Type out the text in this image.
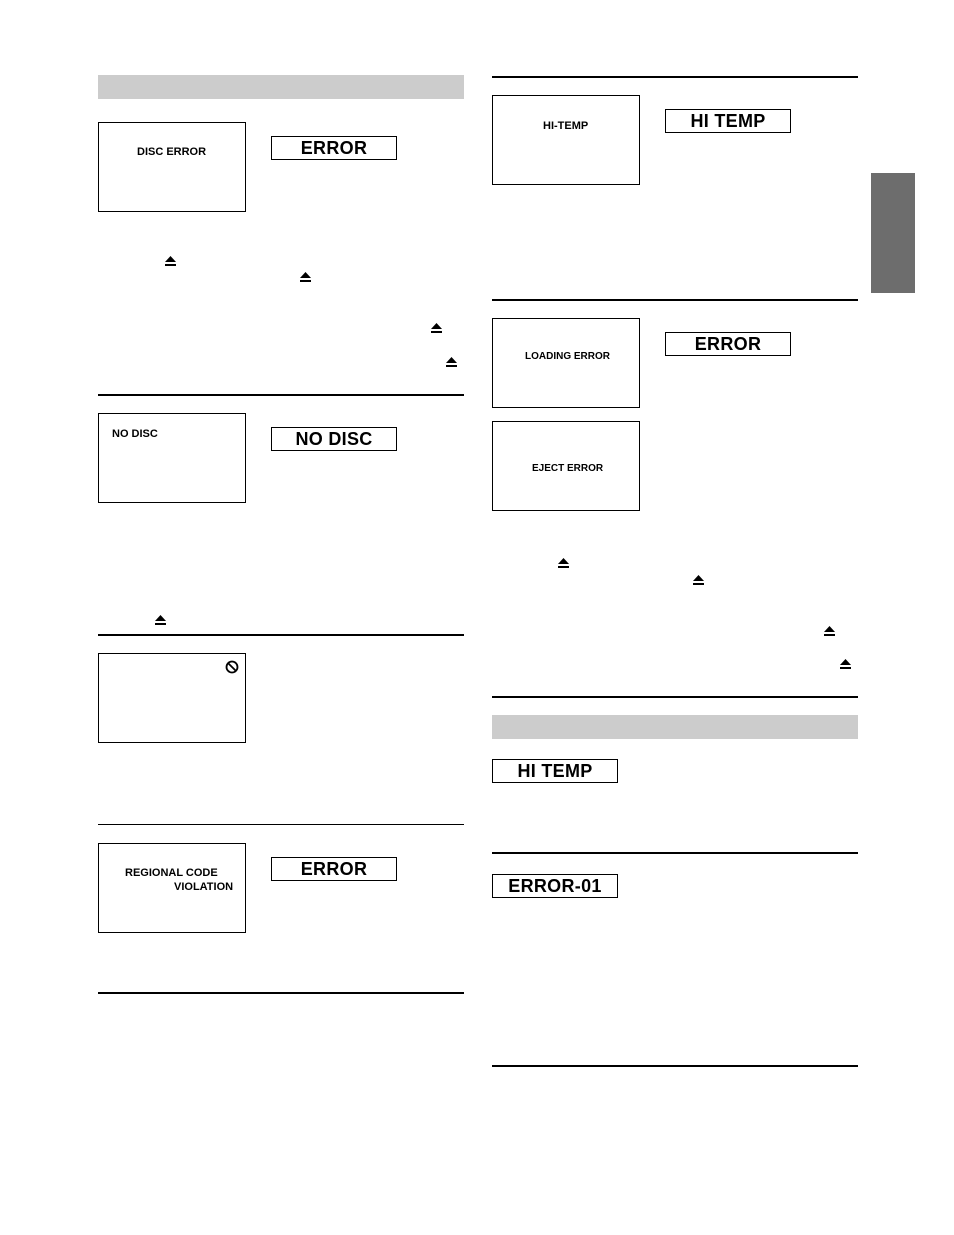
DISC ERROR	ERROR
NO DISC	NO DISC
REGIONAL CODE
VIOLATION
ERROR
HI-TEMP	HI TEMP
LOADING ERROR
ERROR
EJECT ERROR
HI TEMP
ERROR-01
